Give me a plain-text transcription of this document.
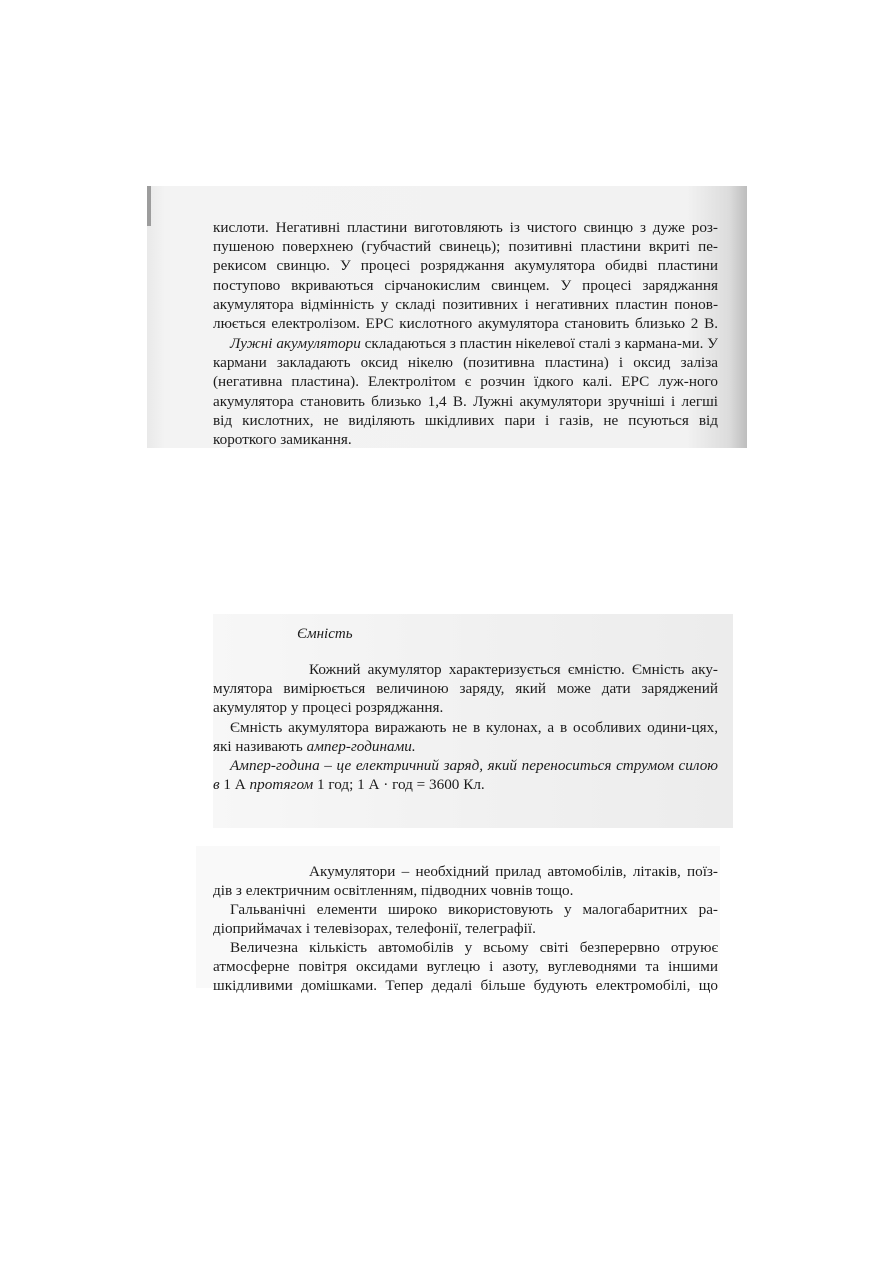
кислоти. Негативні пластини виготовляють із чистого свинцю з дуже роз-пушеною поверхнею (губчастий свинець); позитивні пластини вкриті пе-рекисом свинцю. У процесі розряджання акумулятора обидві пластини поступово вкриваються сірчанокислим свинцем. У процесі заряджання акумулятора відмінність у складі позитивних і негативних пластин понов-люється електролізом. ЕРС кислотного акумулятора становить близько 2 В.

Лужні акумулятори складаються з пластин нікелевої сталі з кармана-ми. У кармани закладають оксид нікелю (позитивна пластина) і оксид заліза (негативна пластина). Електролітом є розчин їдкого калі. ЕРС луж-ного акумулятора становить близько 1,4 В. Лужні акумулятори зручніші і легші від кислотних, не виділяють шкідливих пари і газів, не псуються від короткого замикання.

Ємність

Кожний акумулятор характеризується ємністю. Ємність аку-мулятора вимірюється величиною заряду, який може дати заряджений акумулятор у процесі розряджання.

Ємність акумулятора виражають не в кулонах, а в особливих одини-цях, які називають ампер-годинами.

Ампер-година – це електричний заряд, який переноситься струмом силою в 1 А протягом 1 год; 1 А · год = 3600 Кл.

Акумулятори – необхідний прилад автомобілів, літаків, поїз-дів з електричним освітленням, підводних човнів тощо.

Гальванічні елементи широко використовують у малогабаритних ра-діоприймачах і телевізорах, телефонії, телеграфії.

Величезна кількість автомобілів у всьому світі безперервно отруює атмосферне повітря оксидами вуглецю і азоту, вуглеводнями та іншими шкідливими домішками. Тепер дедалі більше будують електромобілі, що
